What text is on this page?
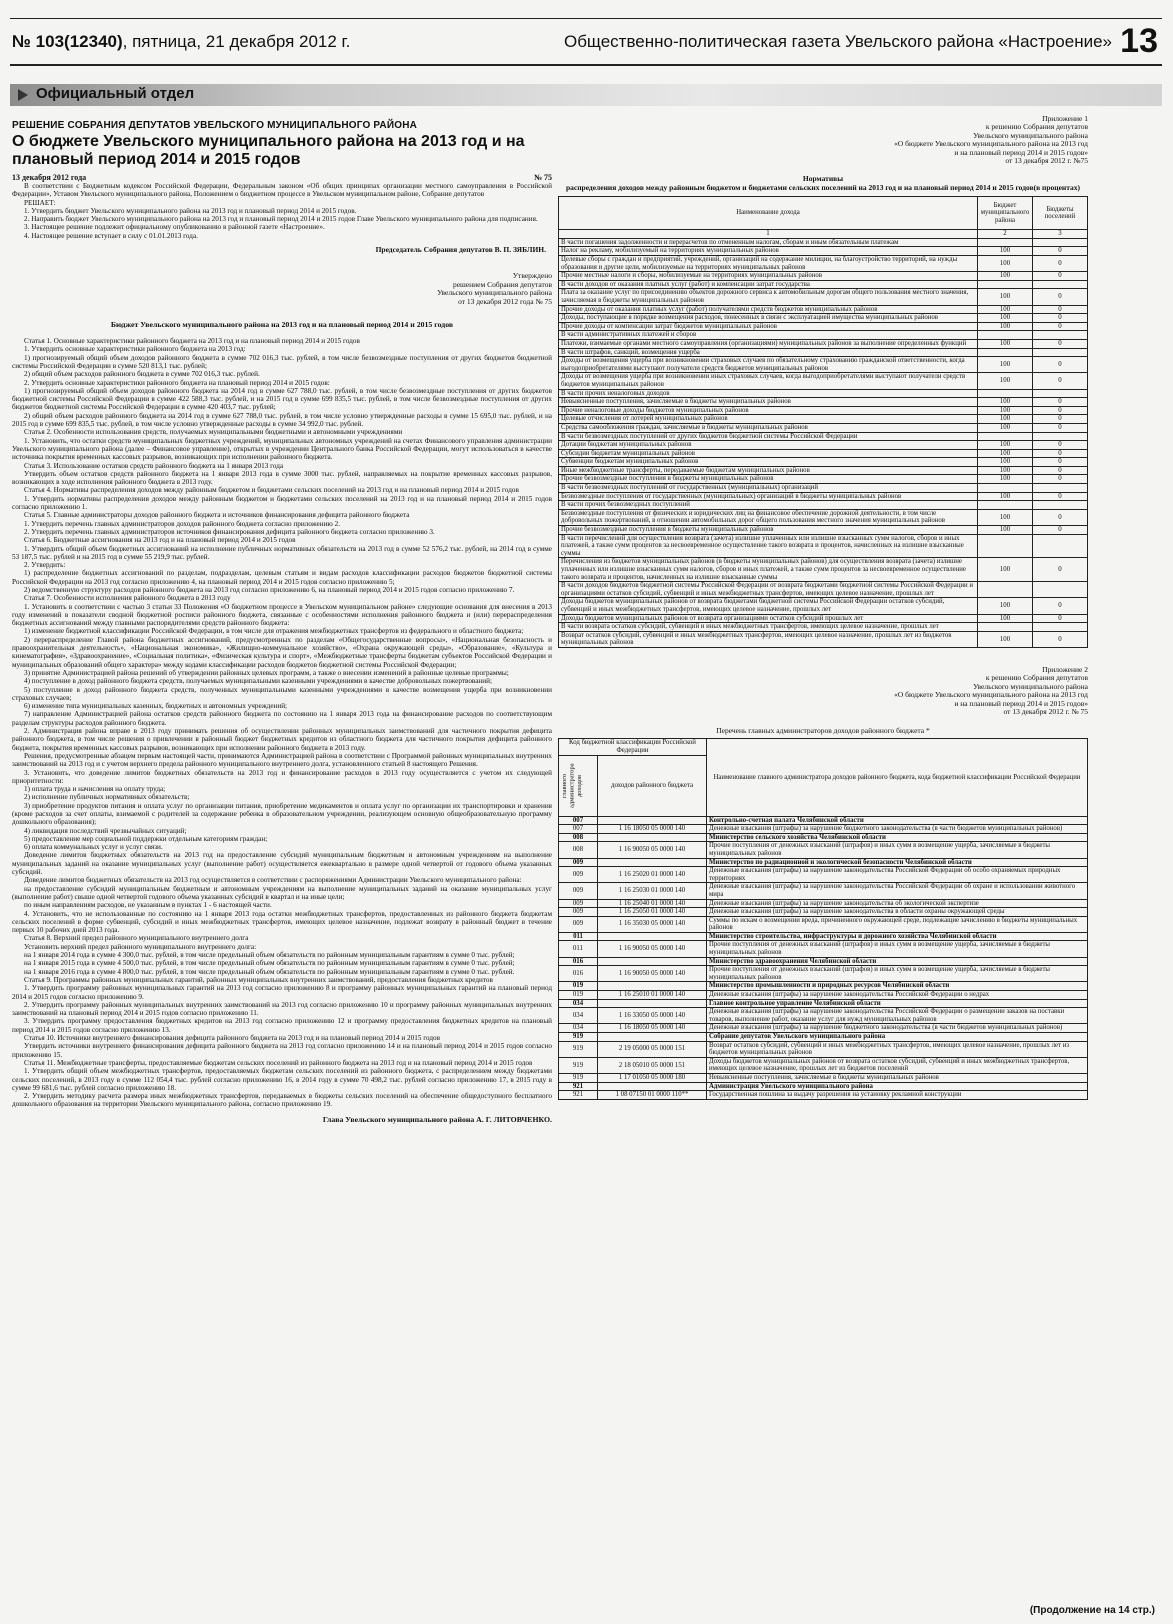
№ 103(12340), пятница, 21 декабря 2012 г.	Общественно-политическая газета Увельского района «Настроение» 13
Официальный отдел
РЕШЕНИЕ СОБРАНИЯ ДЕПУТАТОВ УВЕЛЬСКОГО МУНИЦИПАЛЬНОГО РАЙОНА
О бюджете Увельского муниципального района на 2013 год и на плановый период 2014 и 2015 годов
13 декабря 2012 года	№ 75

В соответствии с Бюджетным кодексом Российской Федерации, Федеральным законом «Об общих принципах организации местного самоуправления в Российской Федерации», Уставом Увельского муниципального района, Положением о бюджетном процессе в Увельском муниципальном районе, Собрание депутатов

РЕШАЕТ:

1. Утвердить бюджет Увельского муниципального района на 2013 год и плановый период 2014 и 2015 годов.

2. Направить бюджет Увельского муниципального района на 2013 год и плановый период 2014 и 2015 годов Главе Увельского муниципального района для подписания.

3. Настоящее решение подлежит официальному опубликованию в районной газете «Настроение».

4. Настоящее решение вступает в силу с 01.01.2013 года.

Председатель Собрания депутатов В. П. ЗЯБЛИН.
Утверждено
решением Собрания депутатов
Увельского муниципального района
от 13 декабря 2012 года № 75
Бюджет Увельского муниципального района на 2013 год и на плановый период 2014 и 2015 годов

Статья 1. Основные характеристики районного бюджета на 2013 год и на плановый период 2014 и 2015 годов

1. Утвердить основные характеристики районного бюджета на 2013 год:

1) прогнозируемый общий объем доходов районного бюджета в сумме 702 016,3 тыс. рублей, в том числе безвозмездные поступления от других бюджетов бюджетной системы Российской Федерации в сумме 520 813,1 тыс. рублей;

2) общий объем расходов районного бюджета в сумме 702 016,3 тыс. рублей.

2. Утвердить основные характеристики районного бюджета на плановый период 2014 и 2015 годов:

1) прогнозируемый общий объем доходов районного бюджета на 2014 год в сумме 627 788,0 тыс. рублей, в том числе безвозмездные поступления от других бюджетов бюджетной системы Российской Федерации в сумме 422 588,3 тыс. рублей, и на 2015 год в сумме 699 835,5 тыс. рублей, в том числе безвозмездные поступления от других бюджетов бюджетной системы Российской Федерации в сумме 420 403,7 тыс. рублей;

2) общий объем расходов районного бюджета на 2014 год в сумме 627 788,0 тыс. рублей, в том числе условно утвержденные расходы в сумме 15 695,0 тыс. рублей, и на 2015 год в сумме 699 835,5 тыс. рублей, в том числе условно утвержденные расходы в сумме 34 992,0 тыс. рублей.

Статья 2. Особенности использования средств, получаемых муниципальными бюджетными и автономными учреждениями

1. Установить, что остатки средств муниципальных бюджетных учреждений, муниципальных автономных учреждений на счетах Финансового управления администрации Увельского муниципального района (далее – Финансовое управление), открытых в учреждении Центрального банка Российской Федерации, могут использоваться в качестве источника покрытия временных кассовых разрывов, возникающих при исполнении районного бюджета.

Статья 3. Использование остатков средств районного бюджета на 1 января 2013 года

Утвердить объем остатков средств районного бюджета на 1 января 2013 года в сумме 3000 тыс. рублей, направляемых на покрытие временных кассовых разрывов, возникающих в ходе исполнения районного бюджета в 2013 году.

Статья 4. Нормативы распределения доходов между районным бюджетом и бюджетами сельских поселений на 2013 год и на плановый период 2014 и 2015 годов

1. Утвердить нормативы распределения доходов между районным бюджетом и бюджетами сельских поселений на 2013 год и на плановый период 2014 и 2015 годов согласно приложению 1.

Статья 5. Главные администраторы доходов районного бюджета и источников финансирования дефицита районного бюджета

1. Утвердить перечень главных администраторов доходов районного бюджета согласно приложению 2.

2. Утвердить перечень главных администраторов источников финансирования дефицита районного бюджета согласно приложению 3.

Статья 6. Бюджетные ассигнования на 2013 год и на плановый период 2014 и 2015 годов

1. Утвердить общий объем бюджетных ассигнований на исполнение публичных нормативных обязательств на 2013 год в сумме 52 576,2 тыс. рублей, на 2014 год в сумме 53 187,5 тыс. рублей и на 2015 год в сумме 55 219,9 тыс. рублей.

2. Утвердить:

1) распределение бюджетных ассигнований по разделам, подразделам, целевым статьям и видам расходов классификации расходов бюджетов бюджетной системы Российской Федерации на 2013 год согласно приложению 4, на плановый период 2014 и 2015 годов согласно приложению 5;

2) ведомственную структуру расходов районного бюджета на 2013 год согласно приложению 6, на плановый период 2014 и 2015 годов согласно приложению 7.

Статья 7. Особенности исполнения районного бюджета в 2013 году

1. Установить в соответствии с частью 3 статьи 33 Положения «О бюджетном процессе в Увельском муниципальном районе» следующие основания для внесения в 2013 году изменений в показатели сводной бюджетной росписи районного бюджета, связанные с особенностями исполнения районного бюджета и (или) перераспределения бюджетных ассигнований между главными распорядителями средств районного бюджета:

1) изменение бюджетной классификации Российской Федерации, в том числе для отражения межбюджетных трансфертов из федерального и областного бюджета;

2) перераспределение Главой района бюджетных ассигнований, предусмотренных по разделам «Общегосударственные вопросы», «Национальная безопасность и правоохранительная деятельность», «Национальная экономика», «Жилищно-коммунальное хозяйство», «Охрана окружающей среды», «Образование», «Культура и кинематография», «Здравоохранение», «Социальная политика», «Физическая культура и спорт», «Межбюджетные трансферты бюджетам субъектов Российской Федерации и муниципальных образований общего характера» между кодами классификации расходов бюджетов бюджетной системы Российской Федерации;

3) принятие Администрацией района решений об утверждении районных целевых программ, а также о внесении изменений в районные целевые программы;

4) поступление в доход районного бюджета средств, получаемых муниципальными казенными учреждениями в качестве добровольных пожертвований;

5) поступление в доход районного бюджета средств, полученных муниципальными казенными учреждениями в качестве возмещения ущерба при возникновении страховых случаев;

6) изменение типа муниципальных казенных, бюджетных и автономных учреждений;

7) направление Администрацией района остатков средств районного бюджета по состоянию на 1 января 2013 года на финансирование расходов по соответствующим разделам структуры расходов районного бюджета.

2. Администрация района вправе в 2013 году принимать решения об осуществлении районных муниципальных заимствований для частичного покрытия дефицита районного бюджета, в том числе решения о привлечении в районный бюджет бюджетных кредитов из областного бюджета для частичного покрытия дефицита районного бюджета, покрытия временных кассовых разрывов, возникающих при исполнении районного бюджета в 2013 году.

Решения, предусмотренные абзацем первым настоящей части, принимаются Администрацией района в соответствии с Программой районных муниципальных внутренних заимствований на 2013 год и с учетом верхнего предела районного муниципального внутреннего долга, установленного статьей 8 настоящего Решения.

3. Установить, что доведение лимитов бюджетных обязательств на 2013 год и финансирование расходов в 2013 году осуществляется с учетом их следующей приоритетности:

1) оплата труда и начисления на оплату труда;

2) исполнение публичных нормативных обязательств;

3) приобретение продуктов питания и оплата услуг по организации питания, приобретение медикаментов и оплата услуг по организации их транспортировки и хранения (кроме расходов за счет оплаты, взимаемой с родителей за содержание ребенка в образовательном учреждении, реализующем основную общеобразовательную программу дошкольного образования);

4) ликвидация последствий чрезвычайных ситуаций;

5) предоставление мер социальной поддержки отдельным категориям граждан;

6) оплата коммунальных услуг и услуг связи.

Доведение лимитов бюджетных обязательств на 2013 год на предоставление субсидий муниципальным бюджетным и автономным учреждениям на выполнение муниципальных заданий на оказание муниципальных услуг (выполнение работ) осуществляется ежеквартально в размере одной четвертой от годового объема указанных субсидий.

Доведение лимитов бюджетных обязательств на 2013 год осуществляется в соответствии с распоряжениями Администрации Увельского муниципального района:

на предоставление субсидий муниципальным бюджетным и автономным учреждениям на выполнение муниципальных заданий на оказание муниципальных услуг (выполнение работ) свыше одной четвертой годового объема указанных субсидий в квартал и на иные цели;

по иным направлениям расходов, не указанным в пунктах 1 - 6 настоящей части.

4. Установить, что не использованные по состоянию на 1 января 2013 года остатки межбюджетных трансфертов, предоставленных из районного бюджета бюджетам сельских поселений в форме субвенций, субсидий и иных межбюджетных трансфертов, имеющих целевое назначение, подлежат возврату в районный бюджет в течение первых 10 рабочих дней 2013 года.

Статья 8. Верхний предел районного муниципального внутреннего долга

Установить верхний предел районного муниципального внутреннего долга:

на 1 января 2014 года в сумме 4 300,0 тыс. рублей, в том числе предельный объем обязательств по районным муниципальным гарантиям в сумме 0 тыс. рублей;

на 1 января 2015 года в сумме 4 500,0 тыс. рублей, в том числе предельный объем обязательств по районным муниципальным гарантиям в сумме 0 тыс. рублей;

на 1 января 2016 года в сумме 4 800,0 тыс. рублей, в том числе предельный объем обязательств по районным муниципальным гарантиям в сумме 0 тыс. рублей.

Статья 9. Программы районных муниципальных гарантий, районных муниципальных внутренних заимствований, предоставления бюджетных кредитов

1. Утвердить программу районных муниципальных гарантий на 2013 год согласно приложению 8 и программу районных муниципальных гарантий на плановый период 2014 и 2015 годов согласно приложению 9.

2. Утвердить программу районных муниципальных внутренних заимствований на 2013 год согласно приложению 10 и программу районных муниципальных внутренних заимствований на плановый период 2014 и 2015 годов согласно приложению 11.

3. Утвердить программу предоставления бюджетных кредитов на 2013 год согласно приложению 12 и программу предоставления бюджетных кредитов на плановый период 2014 и 2015 годов согласно приложению 13.

Статья 10. Источники внутреннего финансирования дефицита районного бюджета на 2013 год и на плановый период 2014 и 2015 годов

Утвердить источники внутреннего финансирования дефицита районного бюджета на 2013 год согласно приложению 14 и на плановый период 2014 и 2015 годов согласно приложению 15.

Статья 11. Межбюджетные трансферты, предоставляемые бюджетам сельских поселений из районного бюджета на 2013 год и на плановый период 2014 и 2015 годов

1. Утвердить общий объем межбюджетных трансфертов, предоставляемых бюджетам сельских поселений из районного бюджета, с распределением между бюджетами сельских поселений, в 2013 году в сумме 112 054,4 тыс. рублей согласно приложению 16, в 2014 году в сумме 70 498,2 тыс. рублей согласно приложению 17, в 2015 году в сумме 99 681,6 тыс. рублей согласно приложению 18.

2. Утвердить методику расчета размера иных межбюджетных трансфертов, передаваемых в бюджеты сельских поселений на обеспечение общедоступного бесплатного дошкольного образования на территории Увельского муниципального района, согласно приложению 19.

Глава Увельского муниципального района А. Г. ЛИТОВЧЕНКО.
Приложение 1
к решению Собрания депутатов
Увельского муниципального района
«О бюджете Увельского муниципального района на 2013 год
и на плановый период 2014 и 2015 годов»
от 13 декабря 2012 г. №75
Нормативы
распределения доходов между районным бюджетом и бюджетами сельских поселений на 2013 год и на плановый период 2014 и 2015 годов(в процентах)
Наименование дохода	Бюджет муниципального района	Бюджеты поселений
1	2	3
В части погашения задолженности и перерасчетов по отмененным налогам, сборам и иным обязательным платежам		
Налог на рекламу, мобилизуемый на территориях муниципальных районов	100	0
Целевые сборы с граждан и предприятий, учреждений, организаций на содержание милиции, на благоустройство территорий, на нужды образования и другие цели, мобилизуемые на территориях муниципальных районов	100	0
Прочие местные налоги и сборы, мобилизуемые на территориях муниципальных районов	100	0
В части доходов от оказания платных услуг (работ) и компенсации затрат государства		
Плата за оказание услуг по присоединению объектов дорожного сервиса к автомобильным дорогам общего пользования местного значения, зачисляемая в бюджеты муниципальных районов	100	0
Прочие доходы от оказания платных услуг (работ) получателями средств бюджетов муниципальных районов	100	0
Доходы, поступающие в порядке возмещения расходов, понесенных в связи с эксплуатацией имущества муниципальных районов	100	0
Прочие доходы от компенсации затрат бюджетов муниципальных районов	100	0
В части административных платежей и сборов		
Платежи, взимаемые органами местного самоуправления (организациями) муниципальных районов за выполнение определенных функций	100	0
В части штрафов, санкций, возмещения ущерба		
Доходы от возмещения ущерба при возникновении страховых случаев по обязательному страхованию гражданской ответственности, когда выгодоприобретателями выступают получатели средств бюджетов муниципальных районов	100	0
Доходы от возмещения ущерба при возникновении иных страховых случаев, когда выгодоприобретателями выступают получатели средств бюджетов муниципальных районов	100	0
В части прочих неналоговых доходов		
Невыясненные поступления, зачисляемые в бюджеты муниципальных районов	100	0
Прочие неналоговые доходы бюджетов муниципальных районов	100	0
Целевые отчисления от лотерей муниципальных районов	100	0
Средства самообложения граждан, зачисляемые в бюджеты муниципальных районов	100	0
В части безвозмездных поступлений от других бюджетов бюджетной системы Российской Федерации		
Дотации бюджетам муниципальных районов	100	0
Субсидии бюджетам муниципальных районов	100	0
Субвенции бюджетам муниципальных районов	100	0
Иные межбюджетные трансферты, передаваемые бюджетам муниципальных районов	100	0
Прочие безвозмездные поступления в бюджеты муниципальных районов	100	0
В части безвозмездных поступлений от государственных (муниципальных) организаций		
Безвозмездные поступления от государственных (муниципальных) организаций в бюджеты муниципальных районов	100	0
В части прочих безвозмездных поступлений		
Безвозмездные поступления от физических и юридических лиц на финансовое обеспечение дорожной деятельности, в том числе добровольных пожертвований, в отношении автомобильных дорог общего пользования местного значения муниципальных районов	100	0
Прочие безвозмездные поступления в бюджеты муниципальных районов	100	0
В части перечислений для осуществления возврата (зачета) излишне уплаченных или излишне взысканных сумм налогов, сборов и иных платежей, а также сумм процентов за несвоевременное осуществление такого возврата и процентов, начисленных на излишне взысканные суммы		
Перечисления из бюджетов муниципальных районов (в бюджеты муниципальных районов) для осуществления возврата (зачета) излишне уплаченных или излишне взысканных сумм налогов, сборов и иных платежей, а также сумм процентов за несвоевременное осуществление такого возврата и процентов, начисленных на излишне взысканные суммы	100	0
В части доходов бюджетов бюджетной системы Российской Федерации от возврата бюджетами бюджетной системы Российской Федерации и организациями остатков субсидий, субвенций и иных межбюджетных трансфертов, имеющих целевое назначение, прошлых лет		
Доходы бюджетов муниципальных районов от возврата бюджетами бюджетной системы Российской Федерации остатков субсидий, субвенций и иных межбюджетных трансфертов, имеющих целевое назначение, прошлых лет	100	0
Доходы бюджетов муниципальных районов от возврата организациями остатков субсидий прошлых лет	100	0
В части возврата остатков субсидий, субвенций и иных межбюджетных трансфертов, имеющих целевое назначение, прошлых лет		
Возврат остатков субсидий, субвенций и иных межбюджетных трансфертов, имеющих целевое назначение, прошлых лет из бюджетов муниципальных районов	100	0
Приложение 2
к решению Собрания депутатов
Увельского муниципального района
«О бюджете Увельского муниципального района на 2013 год
и на плановый период 2014 и 2015 годов»
от 13 декабря 2012 г. № 75
Перечень главных администраторов доходов районного бюджета *
Код бюджетной классификации Российской Федерации		Наименование главного администратора доходов районного бюджета, кода бюджетной классификации Российской Федерации

главного администратора доходов	доходов районного бюджета	
007		Контрольно-счетная палата Челябинской области
007	1 16 18050 05 0000 140	Денежные взыскания (штрафы) за нарушение бюджетного законодательства (в части бюджетов муниципальных районов)
008		Министерство сельского хозяйства Челябинской области
008	1 16 90050 05 0000 140	Прочие поступления от денежных взысканий (штрафов) и иных сумм в возмещение ущерба, зачисляемые в бюджеты муниципальных районов
009		Министерство по радиационной и экологической безопасности Челябинской области
009	1 16 25020 01 0000 140	Денежные взыскания (штрафы) за нарушение законодательства Российской Федерации об особо охраняемых природных территориях
009	1 16 25030 01 0000 140	Денежные взыскания (штрафы) за нарушение законодательства Российской Федерации об охране и использовании животного мира
009	1 16 25040 01 0000 140	Денежные взыскания (штрафы) за нарушение законодательства об экологической экспертизе
009	1 16 25050 01 0000 140	Денежные взыскания (штрафы) за нарушение законодательства в области охраны окружающей среды
009	1 16 35030 05 0000 140	Суммы по искам о возмещении вреда, причиненного окружающей среде, подлежащие зачислению в бюджеты муниципальных районов
011		Министерство строительства, инфраструктуры и дорожного хозяйства Челябинской области
011	1 16 90050 05 0000 140	Прочие поступления от денежных взысканий (штрафов) и иных сумм в возмещение ущерба, зачисляемые в бюджеты муниципальных районов
016		Министерство здравоохранения Челябинской области
016	1 16 90050 05 0000 140	Прочие поступления от денежных взысканий (штрафов) и иных сумм в возмещение ущерба, зачисляемые в бюджеты муниципальных районов
019		Министерство промышленности и природных ресурсов Челябинской области
019	1 16 25010 01 0000 140	Денежные взыскания (штрафы) за нарушение законодательства Российской Федерации о недрах
034		Главное контрольное управление Челябинской области
034	1 16 33050 05 0000 140	Денежные взыскания (штрафы) за нарушение законодательства Российской Федерации о размещении заказов на поставки товаров, выполнение работ, оказание услуг для нужд муниципальных районов
034	1 16 18050 05 0000 140	Денежные взыскания (штрафы) за нарушение бюджетного законодательства (в части бюджетов муниципальных районов)
919		Собрание депутатов Увельского муниципального района
919	2 19 05000 05 0000 151	Возврат остатков субсидий, субвенций и иных межбюджетных трансфертов, имеющих целевое назначение, прошлых лет из бюджетов муниципальных районов
919	2 18 05010 05 0000 151	Доходы бюджетов муниципальных районов от возврата остатков субсидий, субвенций и иных межбюджетных трансфертов, имеющих целевое назначение, прошлых лет из бюджетов поселений
919	1 17 01050 05 0000 180	Невыясненные поступления, зачисляемые в бюджеты муниципальных районов
921		Администрация Увельского муниципального района
921	1 08 07150 01 0000 110**	Государственная пошлина за выдачу разрешения на установку рекламной конструкции
(Продолжение на 14 стр.)
